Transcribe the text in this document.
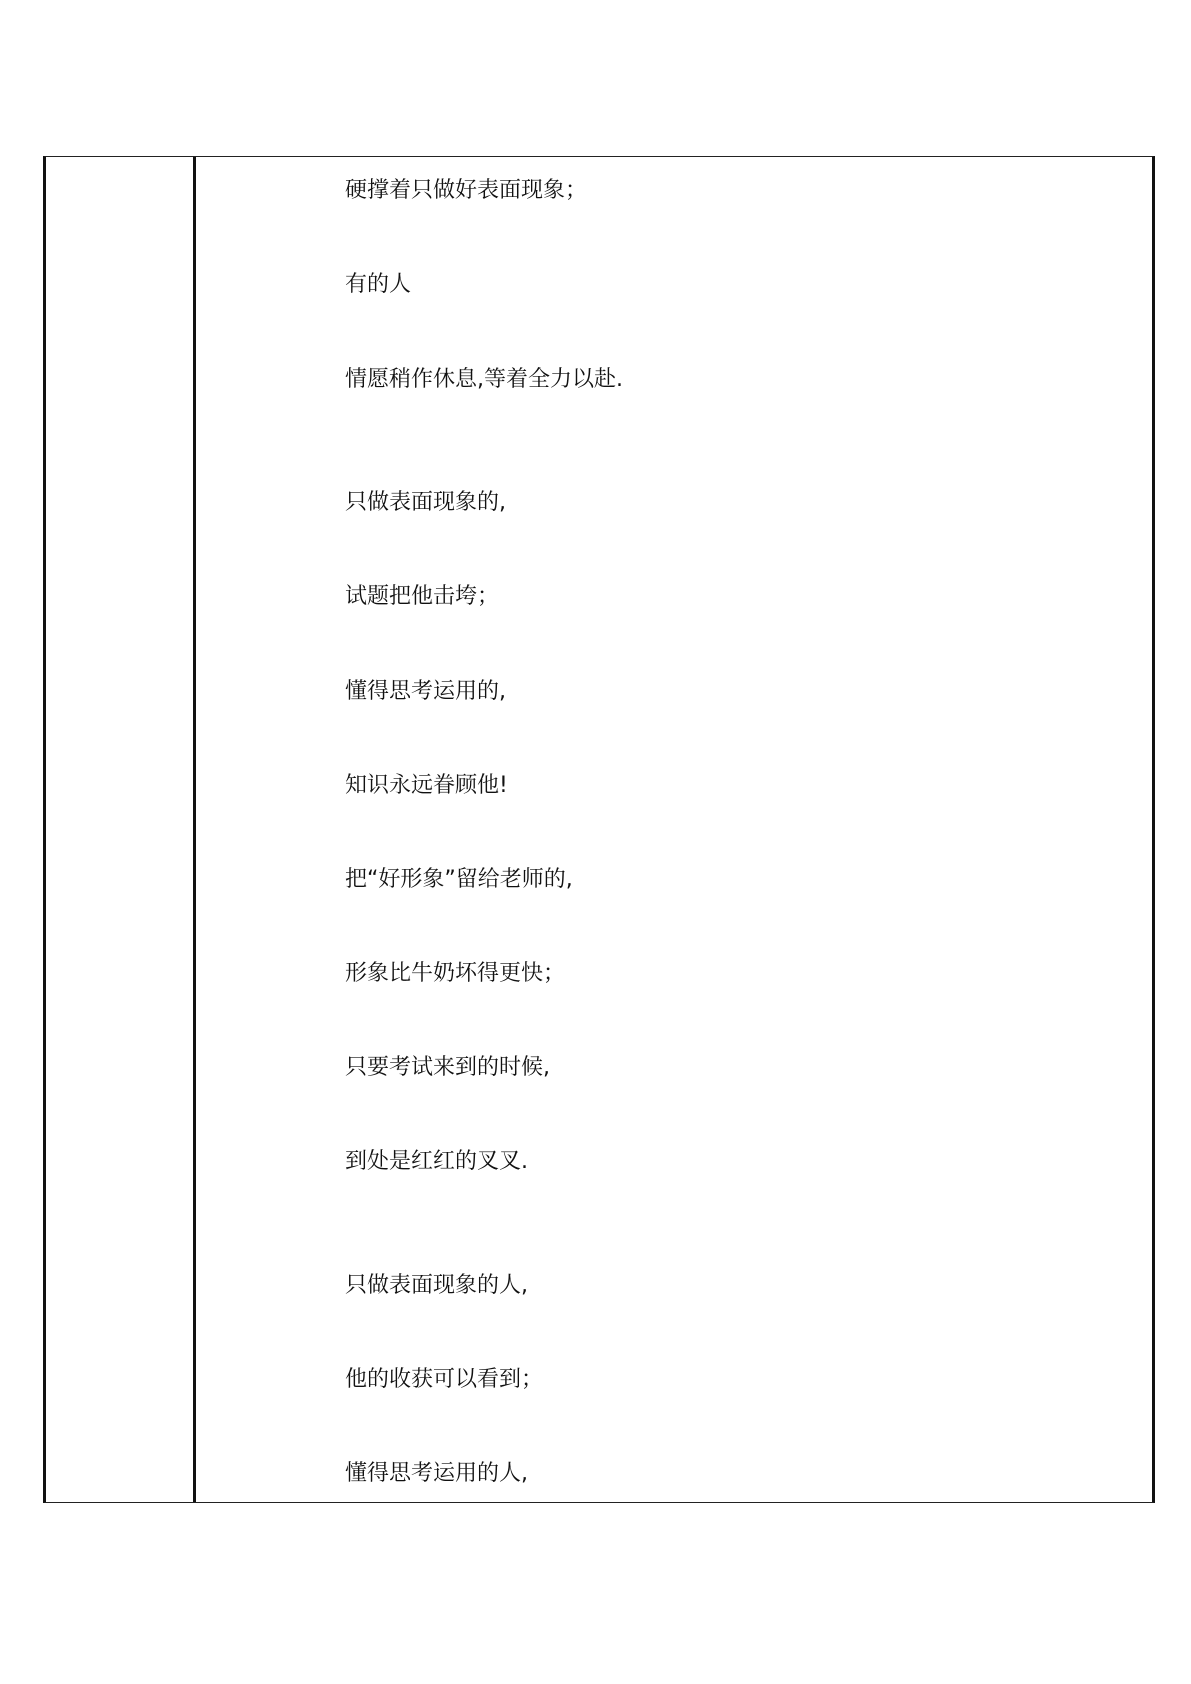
硬撑着只做好表面现象；
有的人
情愿稍作休息,等着全力以赴.
只做表面现象的,
试题把他击垮；
懂得思考运用的,
知识永远眷顾他!
把“好形象”留给老师的,
形象比牛奶坏得更快；
只要考试来到的时候,
到处是红红的叉叉.
只做表面现象的人,
他的收获可以看到；
懂得思考运用的人,
